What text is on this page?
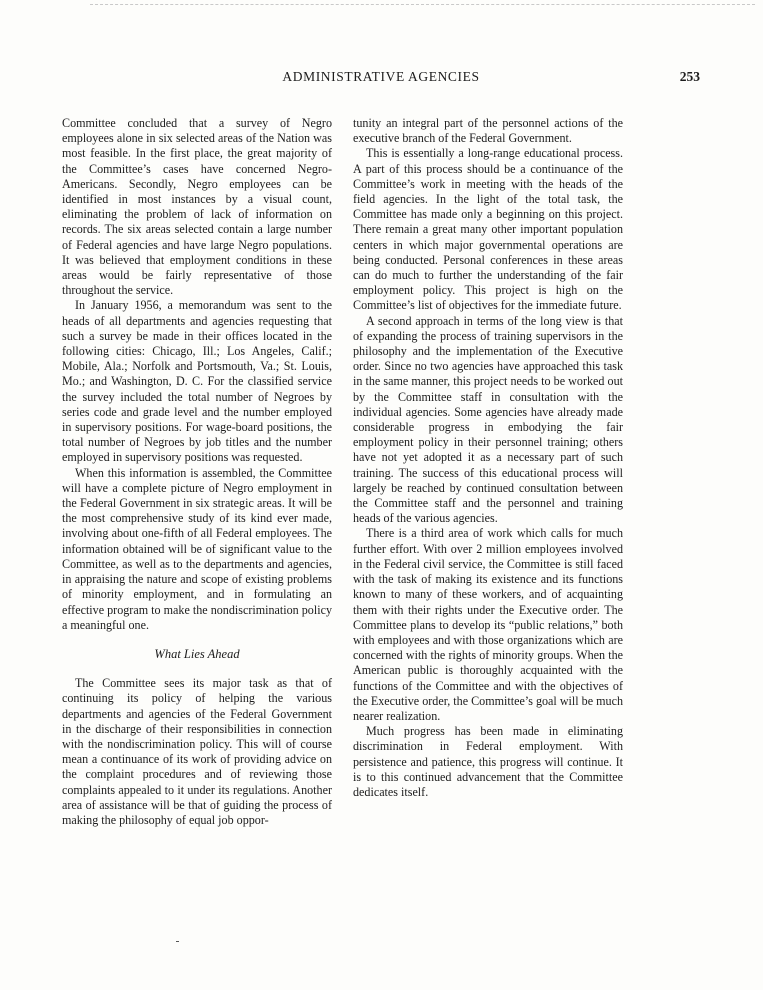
ADMINISTRATIVE AGENCIES	253

Committee concluded that a survey of Negro employees alone in six selected areas of the Nation was most feasible. In the first place, the great majority of the Committee’s cases have concerned Negro-Americans. Secondly, Negro employees can be identified in most instances by a visual count, eliminating the problem of lack of information on records. The six areas selected contain a large number of Federal agencies and have large Negro populations. It was believed that employment conditions in these areas would be fairly representative of those throughout the service.

In January 1956, a memorandum was sent to the heads of all departments and agencies requesting that such a survey be made in their offices located in the following cities: Chicago, Ill.; Los Angeles, Calif.; Mobile, Ala.; Norfolk and Portsmouth, Va.; St. Louis, Mo.; and Washington, D. C. For the classified service the survey included the total number of Negroes by series code and grade level and the number employed in supervisory positions. For wage-board positions, the total number of Negroes by job titles and the number employed in supervisory positions was requested.

When this information is assembled, the Committee will have a complete picture of Negro employment in the Federal Government in six strategic areas. It will be the most comprehensive study of its kind ever made, involving about one-fifth of all Federal employees. The information obtained will be of significant value to the Committee, as well as to the departments and agencies, in appraising the nature and scope of existing problems of minority employment, and in formulating an effective program to make the nondiscrimination policy a meaningful one.

What Lies Ahead

The Committee sees its major task as that of continuing its policy of helping the various departments and agencies of the Federal Government in the discharge of their responsibilities in connection with the nondiscrimination policy. This will of course mean a continuance of its work of providing advice on the complaint procedures and of reviewing those complaints appealed to it under its regulations. Another area of assistance will be that of guiding the process of making the philosophy of equal job oppor-

tunity an integral part of the personnel actions of the executive branch of the Federal Government.

This is essentially a long-range educational process. A part of this process should be a continuance of the Committee’s work in meeting with the heads of the field agencies. In the light of the total task, the Committee has made only a beginning on this project. There remain a great many other important population centers in which major governmental operations are being conducted. Personal conferences in these areas can do much to further the understanding of the fair employment policy. This project is high on the Committee’s list of objectives for the immediate future.

A second approach in terms of the long view is that of expanding the process of training supervisors in the philosophy and the implementation of the Executive order. Since no two agencies have approached this task in the same manner, this project needs to be worked out by the Committee staff in consultation with the individual agencies. Some agencies have already made considerable progress in embodying the fair employment policy in their personnel training; others have not yet adopted it as a necessary part of such training. The success of this educational process will largely be reached by continued consultation between the Committee staff and the personnel and training heads of the various agencies.

There is a third area of work which calls for much further effort. With over 2 million employees involved in the Federal civil service, the Committee is still faced with the task of making its existence and its functions known to many of these workers, and of acquainting them with their rights under the Executive order. The Committee plans to develop its “public relations,” both with employees and with those organizations which are concerned with the rights of minority groups. When the American public is thoroughly acquainted with the functions of the Committee and with the objectives of the Executive order, the Committee’s goal will be much nearer realization.

Much progress has been made in eliminating discrimination in Federal employment. With persistence and patience, this progress will continue. It is to this continued advancement that the Committee dedicates itself.
